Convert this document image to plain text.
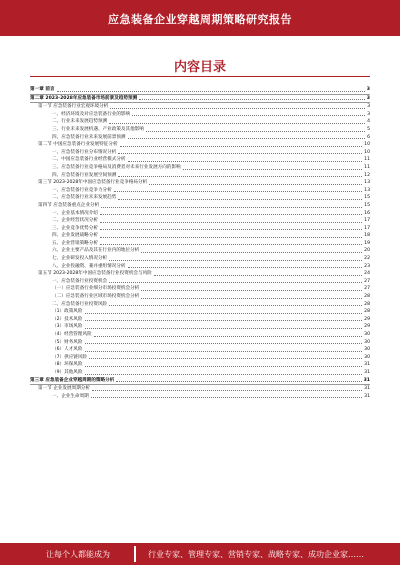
应急装备企业穿越周期策略研究报告
内容目录
第一章 前言	3
第二章 2023-2028年应急装备市场前景及趋势预测	3
第一节 应急装备行业宏观环境分析	3
一、经济环境及对应急装备行业的影响	3
二、行业未来发展趋势预测	4
三、行业未来发展机遇、产业政策及其他影响	5
四、应急装备行业未来发展前景预测	6
第二节 中国应急装备行业发展特征分析	10
一、应急装备行业分布情况分析	10
二、中国应急装备行业经营模式分析	11
三、应急装备行业竞争格局及消费者对未来行业发展方向的影响	11
四、应急装备行业发展空间预测	12
第三节 2023-2028年中国应急装备行业竞争格局分析	13
一、应急装备行业竞争力分析	13
二、应急装备行业未来发展趋势	15
第四节 应急装备重点企业分析	15
一、企业基本情况介绍	16
二、企业经营状况分析	17
三、企业竞争优势分析	17
四、企业发展战略分析	18
五、企业营销策略分析	19
六、企业主要产品及其在行业内的地位分析	20
七、企业研发投入情况分析	22
八、企业投融资、兼并重组情况分析	23
第五节 2023-2028年中国应急装备行业投资机会与风险	24
一、应急装备行业投资机会	27
（一）应急装备行业细分市场投资机会分析	27
（二）应急装备行业区域市场投资机会分析	28
二、应急装备行业投资风险	28
（1）政策风险	28
（2）技术风险	29
（3）市场风险	29
（4）经营管理风险	30
（5）财务风险	30
（6）人才风险	30
（7）供应链风险	30
（8）环保风险	31
（9）其他风险	31
第三章 应急装备企业穿越周期的策略分析	31
第一节 企业发展周期分析	31
一、企业生命周期	31
让每个人都能成为	行业专家、管理专家、营销专家、战略专家、成功企业家……
